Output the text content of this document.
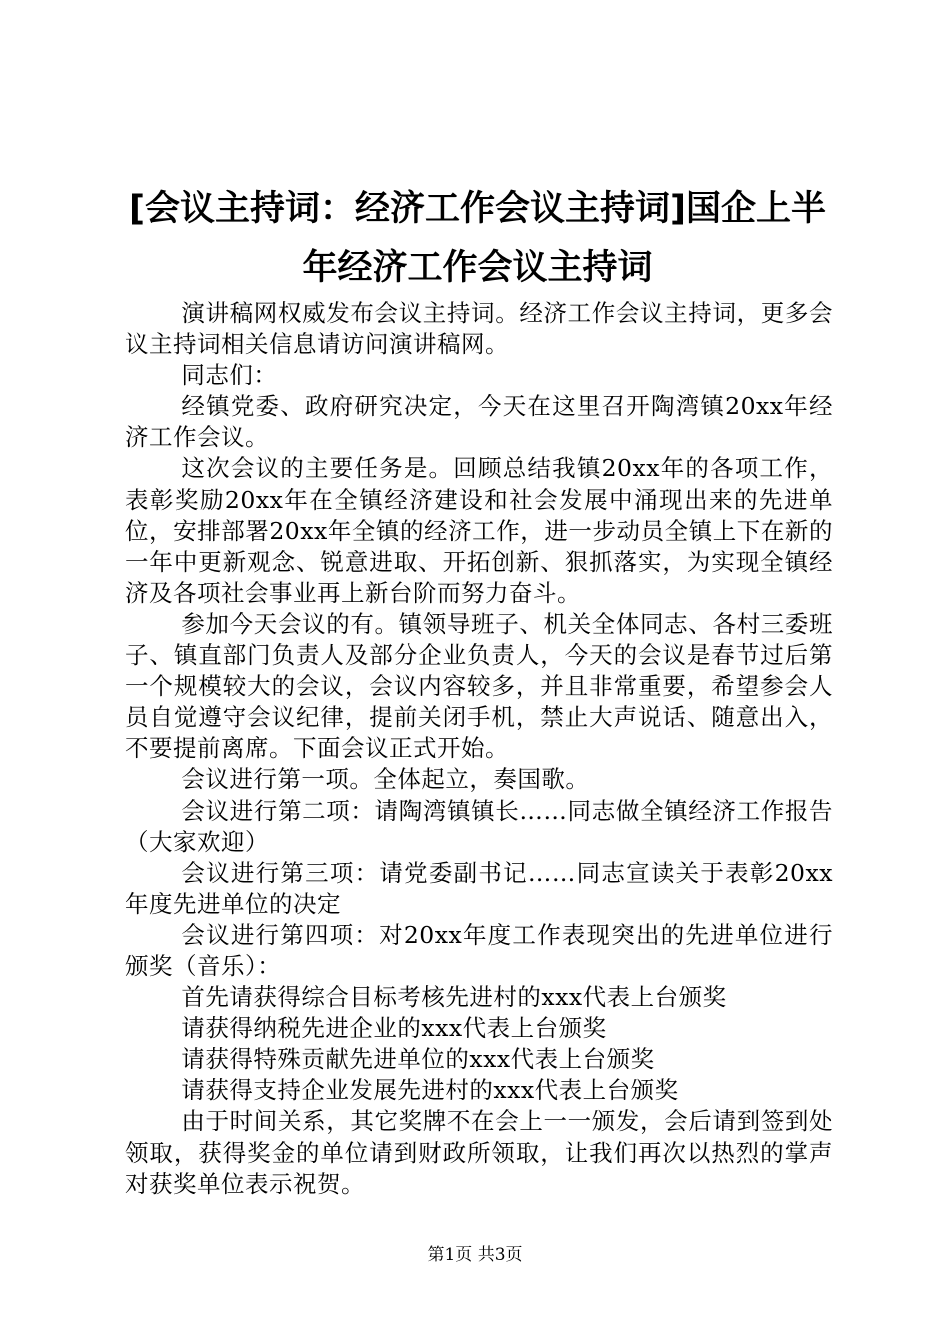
[会议主持词：经济工作会议主持词]国企上半
年经济工作会议主持词

演讲稿网权威发布会议主持词。经济工作会议主持词，更多会议主持词相关信息请访问演讲稿网。

同志们：

经镇党委、政府研究决定，今天在这里召开陶湾镇20xx年经济工作会议。

这次会议的主要任务是。回顾总结我镇20xx年的各项工作，表彰奖励20xx年在全镇经济建设和社会发展中涌现出来的先进单位，安排部署20xx年全镇的经济工作，进一步动员全镇上下在新的一年中更新观念、锐意进取、开拓创新、狠抓落实，为实现全镇经济及各项社会事业再上新台阶而努力奋斗。

参加今天会议的有。镇领导班子、机关全体同志、各村三委班子、镇直部门负责人及部分企业负责人，今天的会议是春节过后第一个规模较大的会议，会议内容较多，并且非常重要，希望参会人员自觉遵守会议纪律，提前关闭手机，禁止大声说话、随意出入，不要提前离席。下面会议正式开始。

会议进行第一项。全体起立，奏国歌。

会议进行第二项：请陶湾镇镇长……同志做全镇经济工作报告（大家欢迎）

会议进行第三项：请党委副书记……同志宣读关于表彰20xx年度先进单位的决定

会议进行第四项：对20xx年度工作表现突出的先进单位进行颁奖（音乐）：

首先请获得综合目标考核先进村的xxx代表上台颁奖

请获得纳税先进企业的xxx代表上台颁奖

请获得特殊贡献先进单位的xxx代表上台颁奖

请获得支持企业发展先进村的xxx代表上台颁奖

由于时间关系，其它奖牌不在会上一一颁发，会后请到签到处领取，获得奖金的单位请到财政所领取，让我们再次以热烈的掌声对获奖单位表示祝贺。

第1页 共3页
